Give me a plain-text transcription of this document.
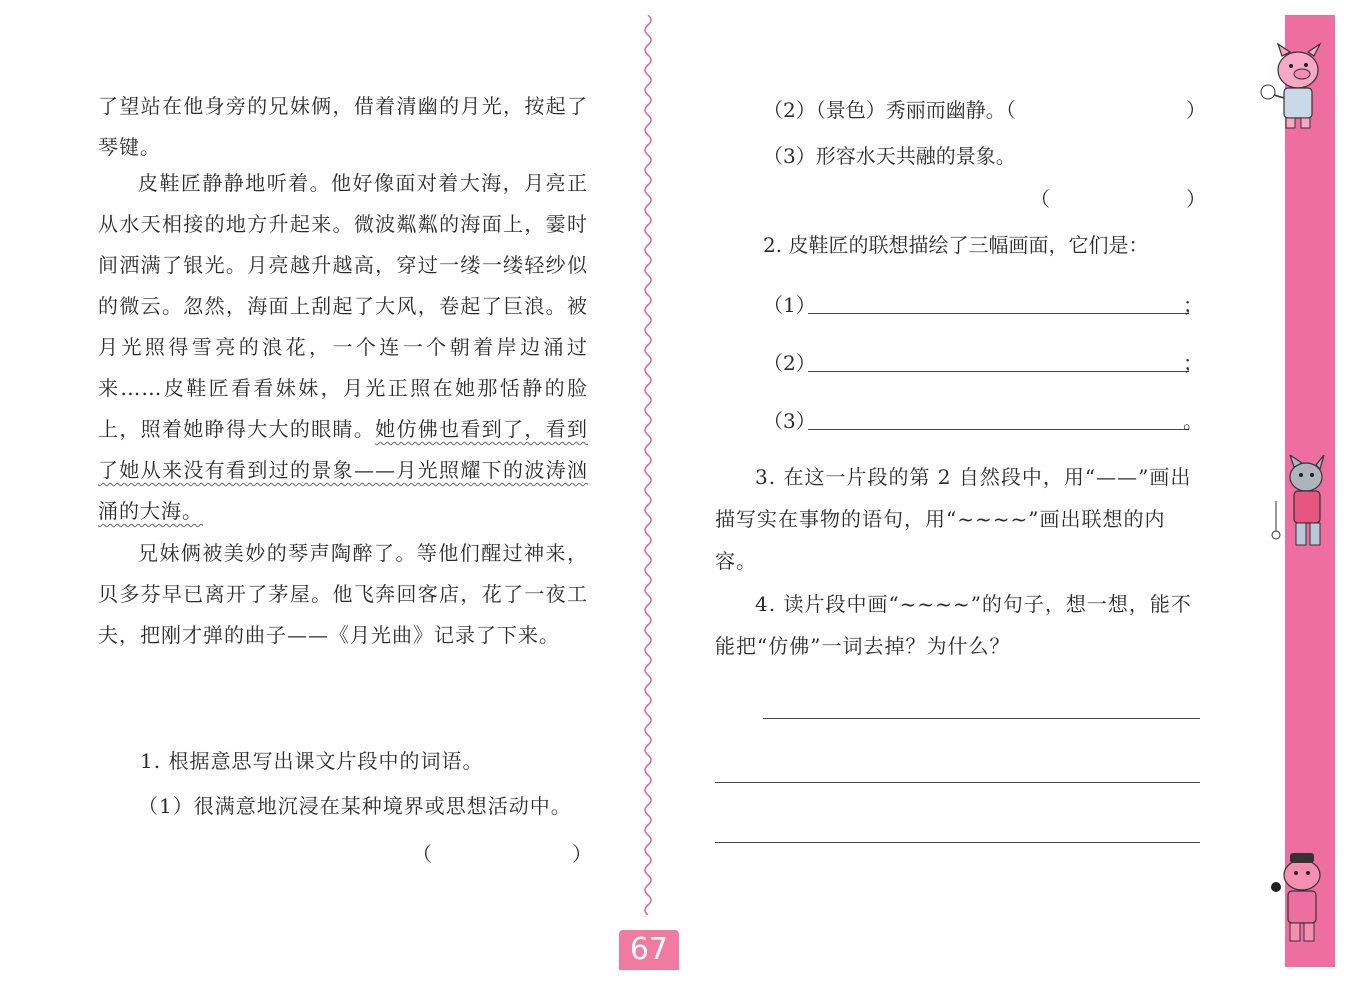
了望站在他身旁的兄妹俩，借着清幽的月光，按起了琴键。
皮鞋匠静静地听着。他好像面对着大海，月亮正从水天相接的地方升起来。微波粼粼的海面上，霎时间洒满了银光。月亮越升越高，穿过一缕一缕轻纱似的微云。忽然，海面上刮起了大风，卷起了巨浪。被月光照得雪亮的浪花，一个连一个朝着岸边涌过来……皮鞋匠看看妹妹，月光正照在她那恬静的脸上，照着她睁得大大的眼睛。她仿佛也看到了，看到了她从来没有看到过的景象——月光照耀下的波涛汹涌的大海。
兄妹俩被美妙的琴声陶醉了。等他们醒过神来，贝多芬早已离开了茅屋。他飞奔回客店，花了一夜工夫，把刚才弹的曲子——《月光曲》记录了下来。
1. 根据意思写出课文片段中的词语。
（1）很满意地沉浸在某种境界或思想活动中。
（	）
（2）（景色）秀丽而幽静。（	）
（3）形容水天共融的景象。
（	）
2. 皮鞋匠的联想描绘了三幅画面，它们是：
（1）	；
（2）	；
（3）	。
3. 在这一片段的第 2 自然段中，用“——”画出描写实在事物的语句，用“~~~~”画出联想的内容。
4. 读片段中画“~~~~”的句子，想一想，能不能把“仿佛”一词去掉？为什么？
67
